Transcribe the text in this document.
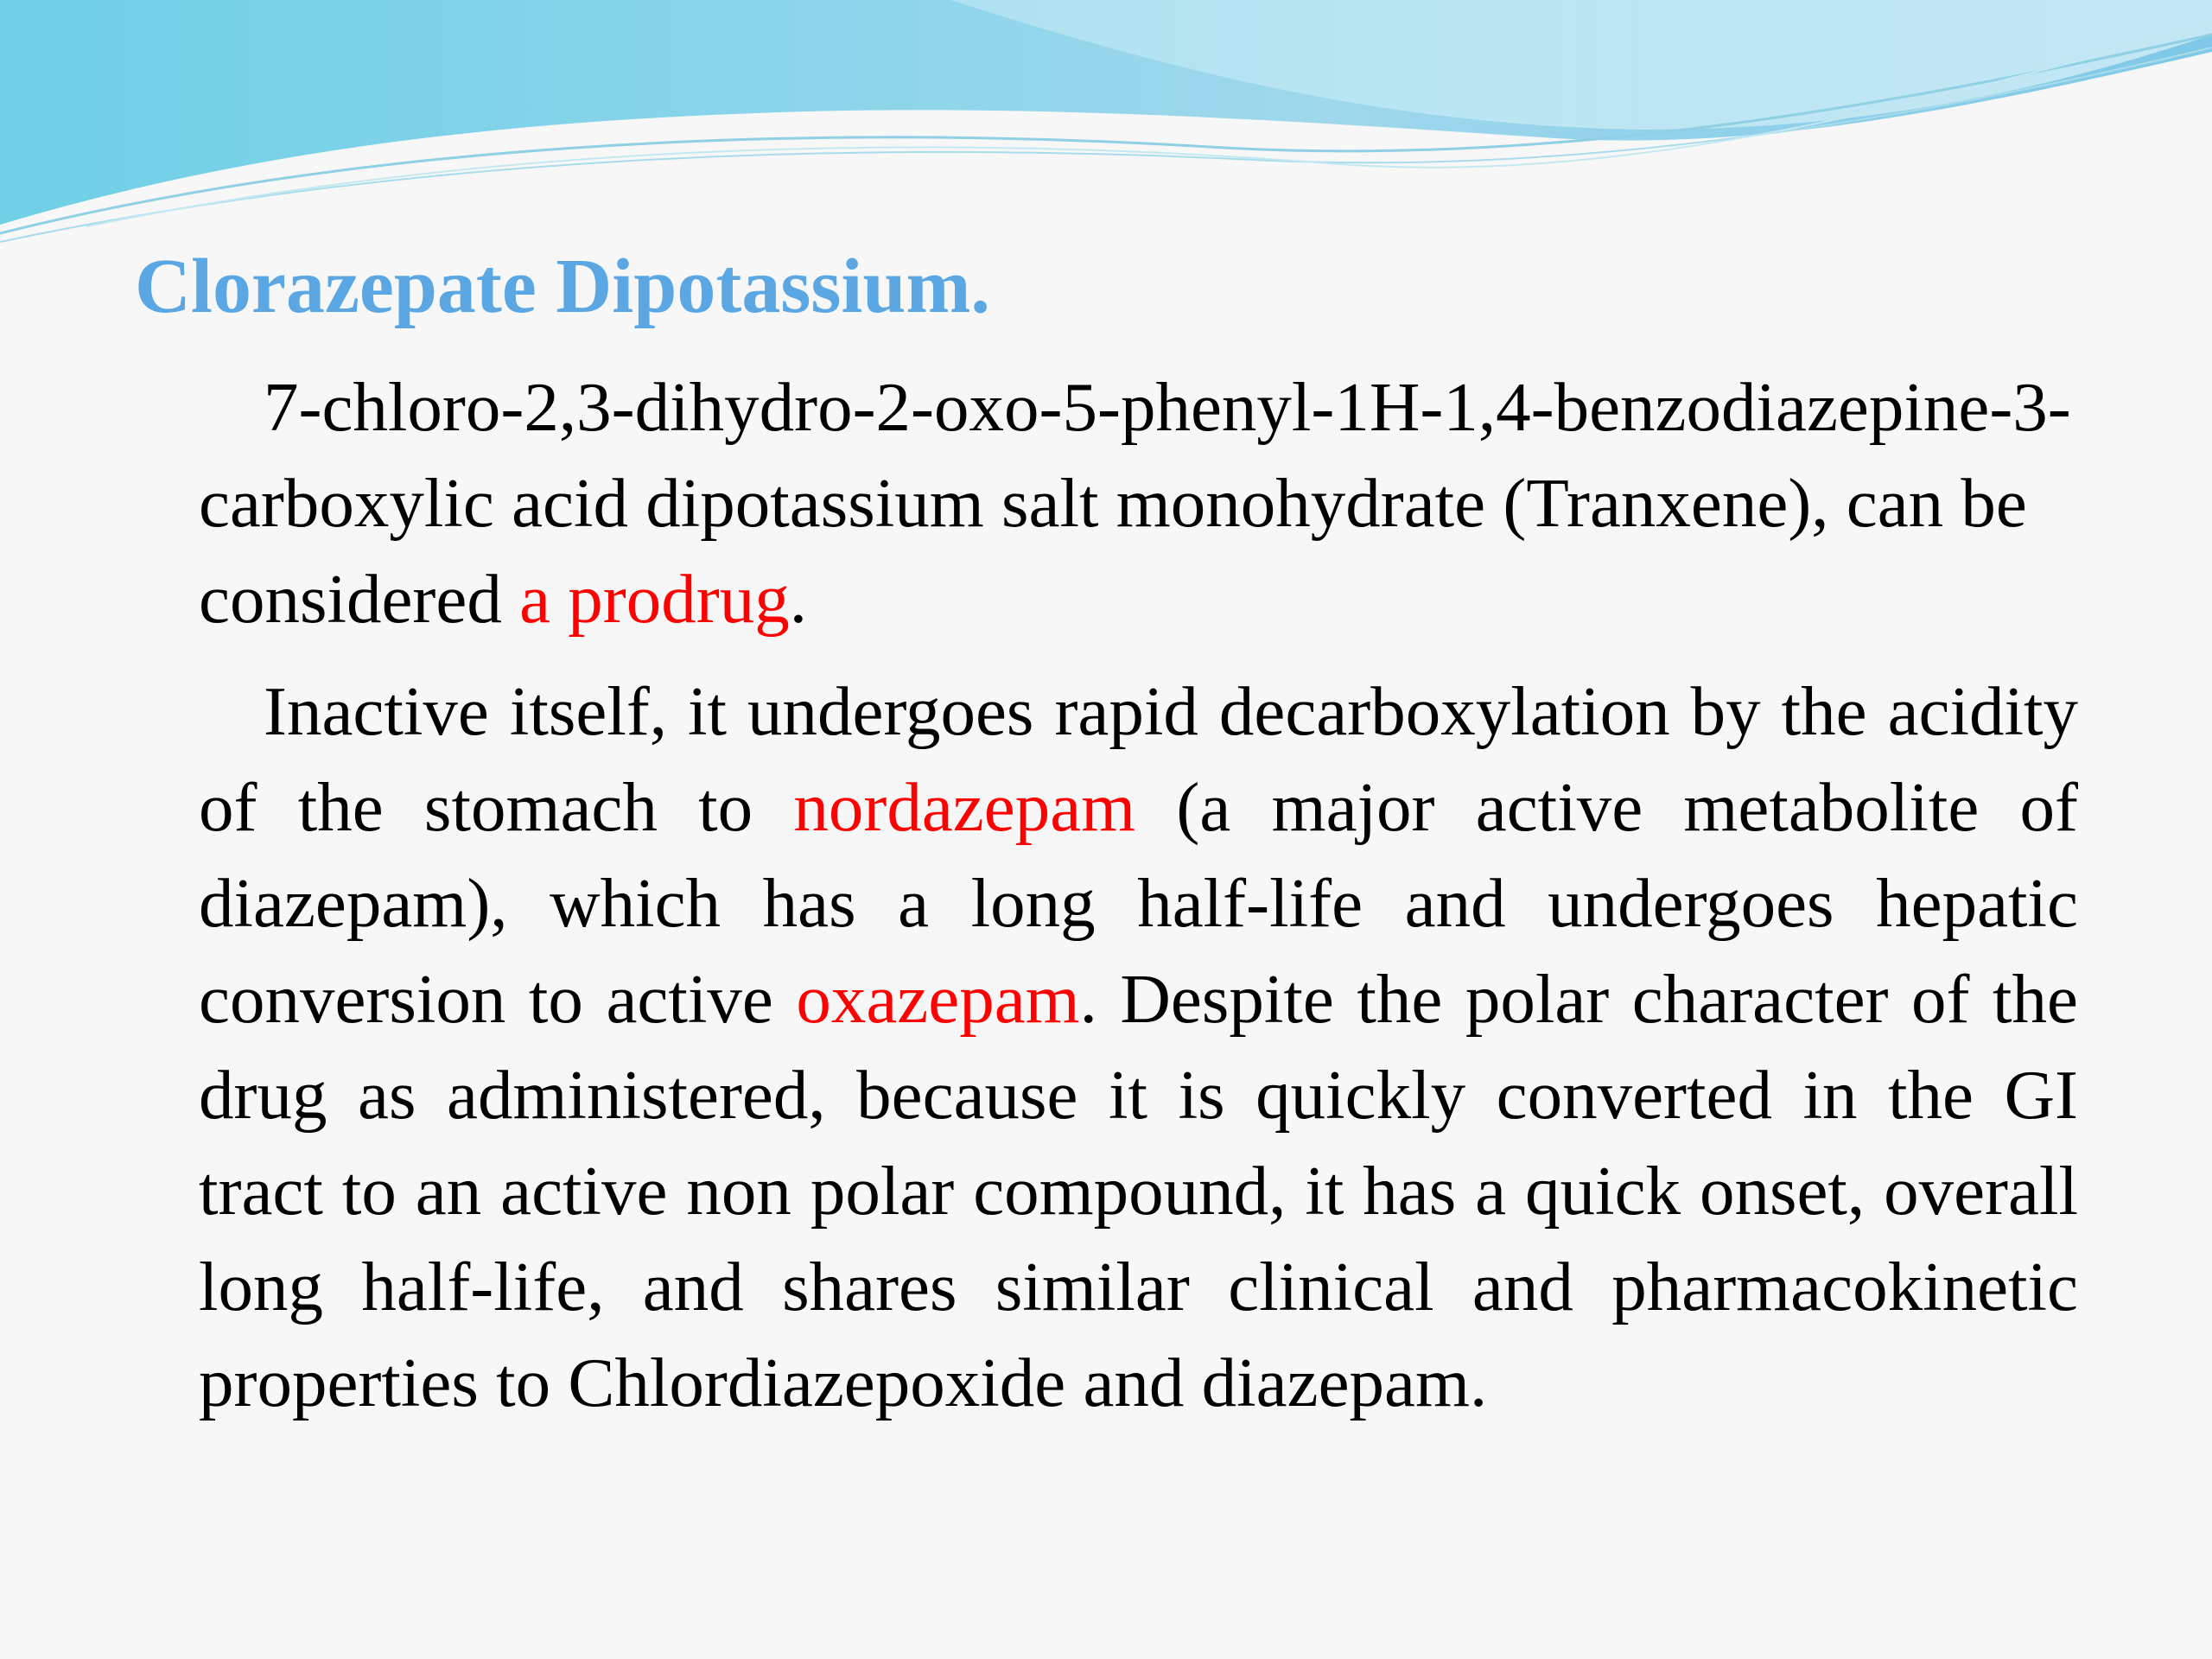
Clorazepate Dipotassium.

7-chloro-2,3-dihydro-2-oxo-5-phenyl-1H-1,4-benzodiazepine-3-carboxylic acid dipotassium salt monohydrate (Tranxene), can be considered a prodrug.

Inactive itself, it undergoes rapid decarboxylation by the acidity of the stomach to nordazepam (a major active metabolite of diazepam), which has a long half-life and undergoes hepatic conversion to active oxazepam. Despite the polar character of the drug as administered, because it is quickly converted in the GI tract to an active non polar compound, it has a quick onset, overall long half-life, and shares similar clinical and pharmacokinetic properties to Chlordiazepoxide and diazepam.
